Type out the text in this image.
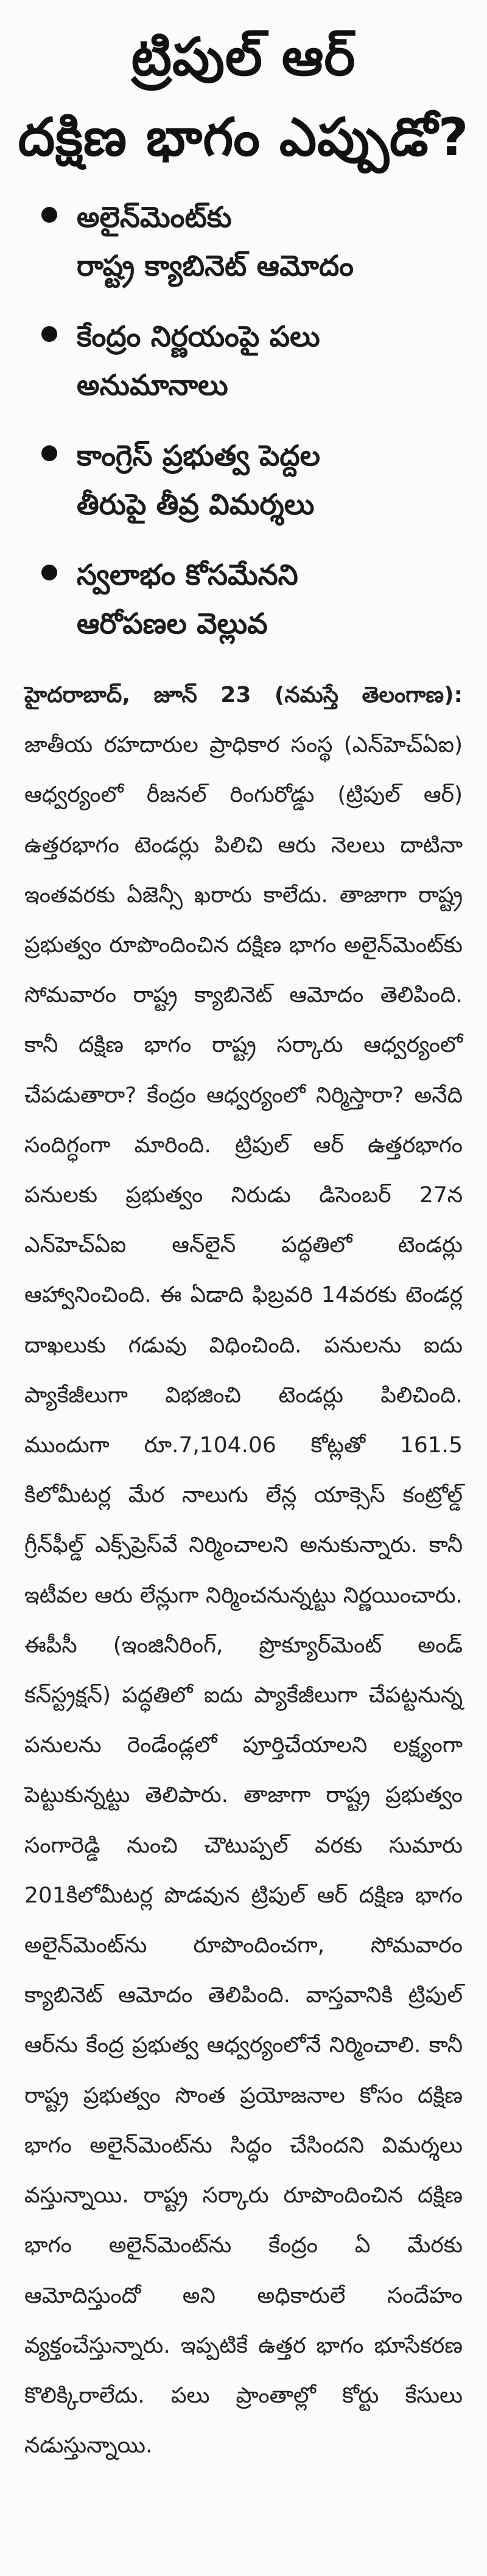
ట్రిపుల్ ఆర్
దక్షిణ భాగం ఎప్పుడో?
అలైన్‌మెంట్‌కు
రాష్ట్ర క్యాబినెట్ ఆమోదం
కేంద్రం నిర్ణయంపై పలు
అనుమానాలు
కాంగ్రెస్ ప్రభుత్వ పెద్దల
తీరుపై తీవ్ర విమర్శలు
స్వలాభం కోసమేనని
ఆరోపణల వెల్లువ

హైదరాబాద్, జూన్ 23 (నమస్తే తెలంగాణ): జాతీయ రహదారుల ప్రాధికార సంస్థ (ఎన్‌హెచ్‌ఏఐ) ఆధ్వర్యంలో రీజనల్ రింగురోడ్డు (ట్రిపుల్ ఆర్) ఉత్తరభాగం టెండర్లు పిలిచి ఆరు నెలలు దాటినా ఇంతవరకు ఏజెన్సీ ఖరారు కాలేదు. తాజాగా రాష్ట్ర ప్రభుత్వం రూపొందించిన దక్షిణ భాగం అలైన్‌మెంట్‌కు సోమవారం రాష్ట్ర క్యాబినెట్ ఆమోదం తెలిపింది. కానీ దక్షిణ భాగం రాష్ట్ర సర్కారు ఆధ్వర్యంలో చేపడుతారా? కేంద్రం ఆధ్వర్యంలో నిర్మిస్తారా? అనేది సందిగ్ధంగా మారింది. ట్రిపుల్ ఆర్ ఉత్తరభాగం పనులకు ప్రభుత్వం నిరుడు డిసెంబర్ 27న ఎన్‌హెచ్‌ఏఐ ఆన్‌లైన్ పద్ధతిలో టెండర్లు ఆహ్వానించింది. ఈ ఏడాది ఫిబ్రవరి 14వరకు టెండర్ల దాఖలుకు గడువు విధించింది. పనులను ఐదు ప్యాకేజీలుగా విభజించి టెండర్లు పిలిచింది. ముందుగా రూ.7,104.06 కోట్లతో 161.5 కిలోమీటర్ల మేర నాలుగు లేన్ల యాక్సెస్ కంట్రోల్డ్ గ్రీన్‌ఫీల్డ్ ఎక్స్‌ప్రెస్‌వే నిర్మించాలని అనుకున్నారు. కానీ ఇటీవల ఆరు లేన్లుగా నిర్మించనున్నట్టు నిర్ణయించారు. ఈపీసీ (ఇంజినీరింగ్, ప్రొక్యూర్‌మెంట్ అండ్ కన్‌స్ట్రక్షన్) పద్ధతిలో ఐదు ప్యాకేజీలుగా చేపట్టనున్న పనులను రెండేండ్లలో పూర్తిచేయాలని లక్ష్యంగా పెట్టుకున్నట్టు తెలిపారు. తాజాగా రాష్ట్ర ప్రభుత్వం సంగారెడ్డి నుంచి చౌటుప్పల్ వరకు సుమారు 201కిలోమీటర్ల పొడవున ట్రిపుల్ ఆర్ దక్షిణ భాగం అలైన్‌మెంట్‌ను రూపొందించగా, సోమవారం క్యాబినెట్ ఆమోదం తెలిపింది. వాస్తవానికి ట్రిపుల్ ఆర్‌ను కేంద్ర ప్రభుత్వ ఆధ్వర్యంలోనే నిర్మించాలి. కానీ రాష్ట్ర ప్రభుత్వం సొంత ప్రయోజనాల కోసం దక్షిణ భాగం అలైన్‌మెంట్‌ను సిద్ధం చేసిందని విమర్శలు వస్తున్నాయి. రాష్ట్ర సర్కారు రూపొందించిన దక్షిణ భాగం అలైన్‌మెంట్‌ను కేంద్రం ఏ మేరకు ఆమోదిస్తుందో అని అధికారులే సందేహం వ్యక్తంచేస్తున్నారు. ఇప్పటికే ఉత్తర భాగం భూసేకరణ కొలిక్కిరాలేదు. పలు ప్రాంతాల్లో కోర్టు కేసులు నడుస్తున్నాయి.
